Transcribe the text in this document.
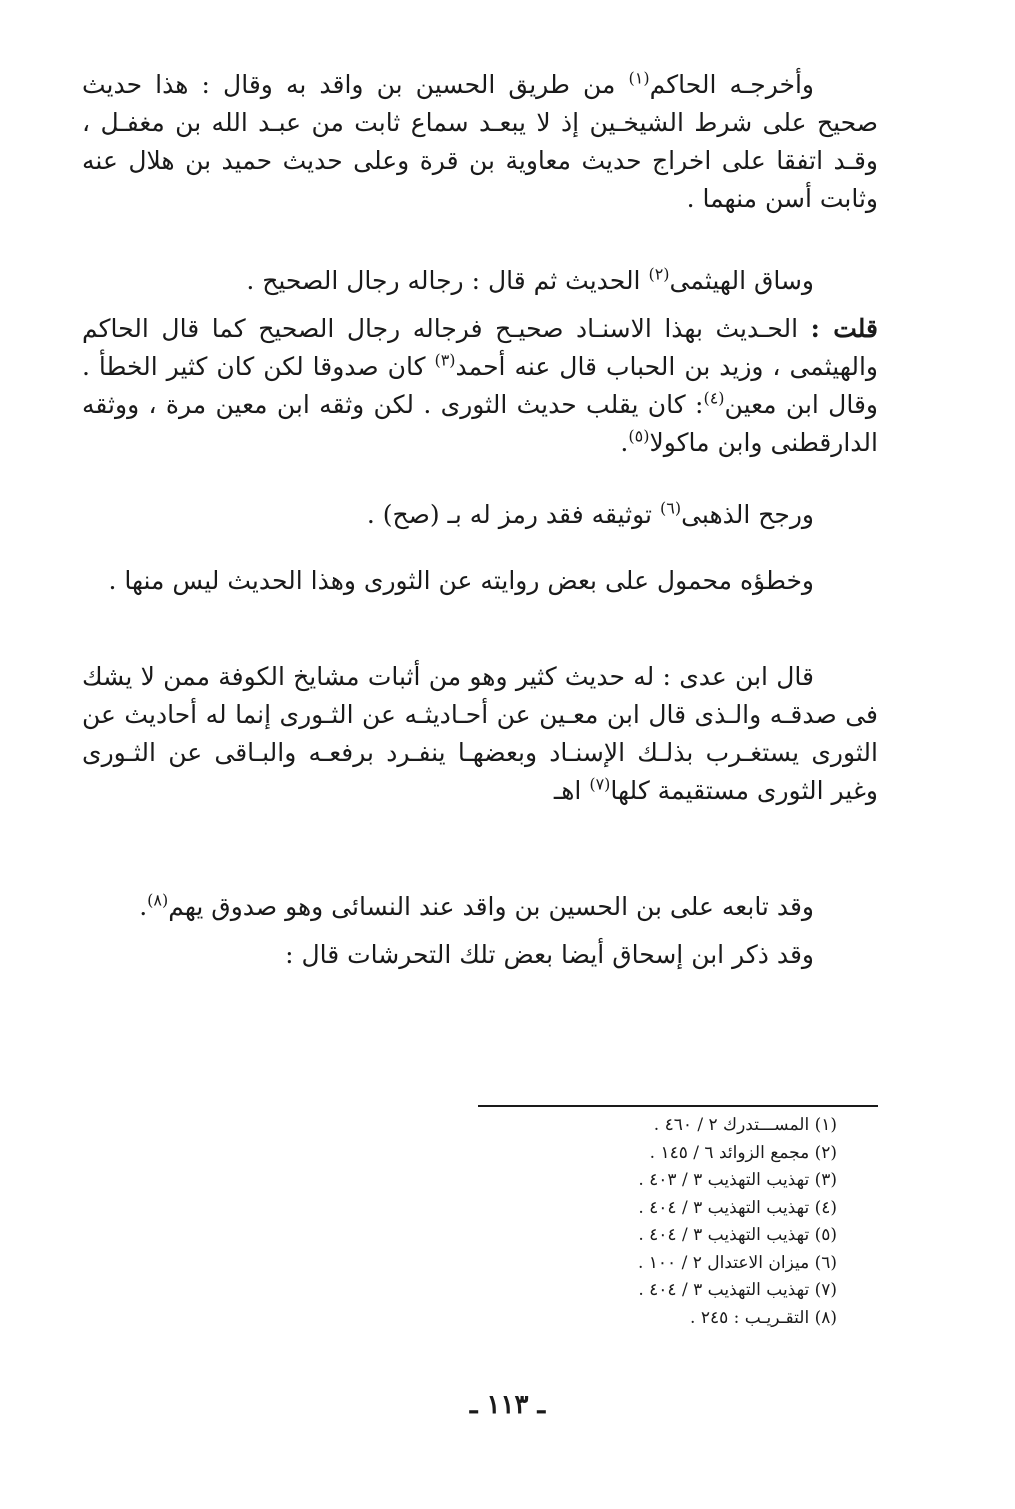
وأخرجـه الحاكم$^{(١)}$ من طريق الحسين بن واقد به وقال : هذا حديث صحيح على شرط الشيخـين إذ لا يبعـد سماع ثابت من عبـد الله بن مغفـل ، وقـد اتفقا على اخراج حديث معاوية بن قرة وعلى حديث حميد بن هلال عنه وثابت أسن منهما .

وساق الهيثمى$^{(٢)}$ الحديث ثم قال : رجاله رجال الصحيح .

قلت : الحـديث بهذا الاسنـاد صحيـح فرجاله رجال الصحيح كما قال الحاكم والهيثمى ، وزيد بن الحباب قال عنه أحمد$^{(٣)}$ كان صدوقا لكن كان كثير الخطأ . وقال ابن معين$^{(٤)}$: كان يقلب حديث الثورى . لكن وثقه ابن معين مرة ، ووثقه الدارقطنى وابن ماكولا$^{(٥)}$.

ورجح الذهبى$^{(٦)}$ توثيقه فقد رمز له بـ (صح) .

وخطؤه محمول على بعض روايته عن الثورى وهذا الحديث ليس منها .

قال ابن عدى : له حديث كثير وهو من أثبات مشايخ الكوفة ممن لا يشك فى صدقـه والـذى قال ابن معـين عن أحـاديثـه عن الثـورى إنما له أحاديث عن الثورى يستغـرب بذلـك الإسنـاد وبعضهـا ينفـرد برفعـه والبـاقى عن الثـورى وغير الثورى مستقيمة كلها$^{(٧)}$ اهـ

وقد تابعه على بن الحسين بن واقد عند النسائى وهو صدوق يهم$^{(٨)}$.

وقد ذكر ابن إسحاق أيضا بعض تلك التحرشات قال :

(١) المســـتدرك ٢ / ٤٦٠ .
(٢) مجمع الزوائد ٦ / ١٤٥ .
(٣) تهذيب التهذيب ٣ / ٤٠٣ .
(٤) تهذيب التهذيب ٣ / ٤٠٤ .
(٥) تهذيب التهذيب ٣ / ٤٠٤ .
(٦) ميزان الاعتدال ٢ / ١٠٠ .
(٧) تهذيب التهذيب ٣ / ٤٠٤ .
(٨) التقـريـب : ٢٤٥ .
ـ ١١٣ ـ
